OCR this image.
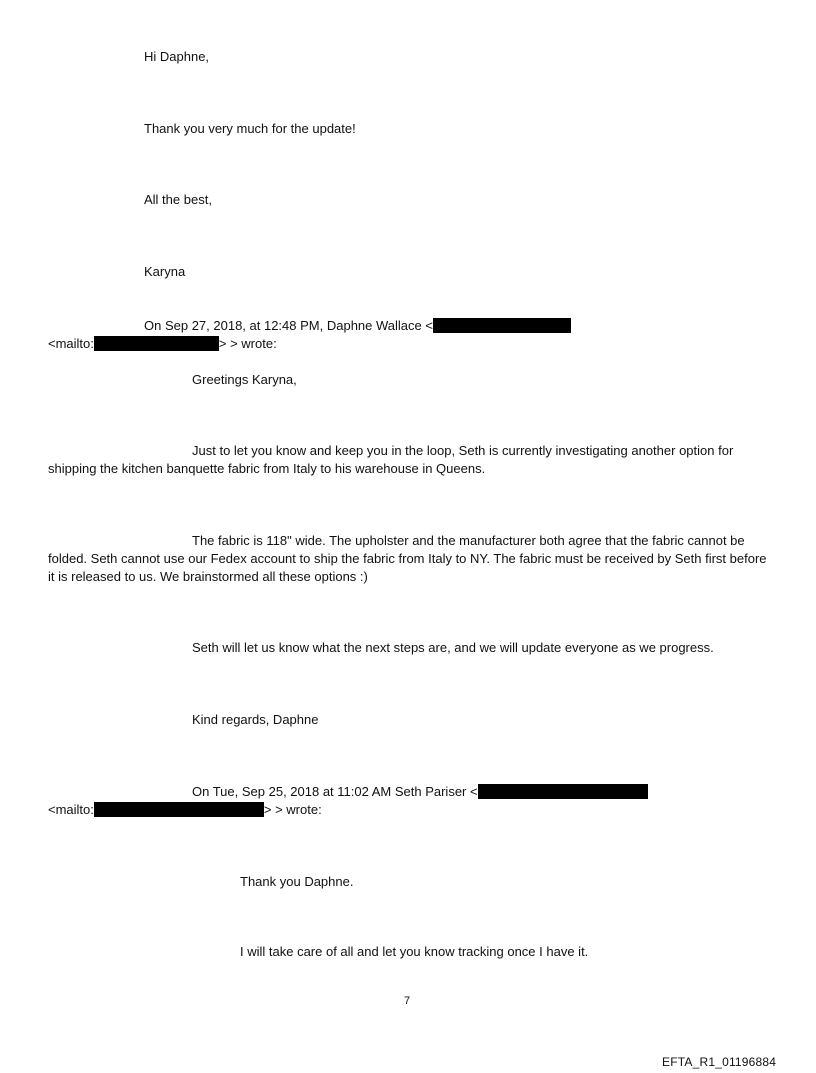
Hi Daphne,
Thank you very much for the update!
All the best,
Karyna
On Sep 27, 2018, at 12:48 PM, Daphne Wallace <
<mailto:	> > wrote:
Greetings Karyna,
Just to let you know and keep you in the loop, Seth is currently investigating another option for shipping the kitchen banquette fabric from Italy to his warehouse in Queens.
The fabric is 118" wide. The upholster and the manufacturer both agree that the fabric cannot be folded. Seth cannot use our Fedex account to ship the fabric from Italy to NY. The fabric must be received by Seth first before it is released to us. We brainstormed all these options :)
Seth will let us know what the next steps are, and we will update everyone as we progress.
Kind regards, Daphne
On Tue, Sep 25, 2018 at 11:02 AM Seth Pariser <
<mailto:	> > wrote:
Thank you Daphne.
I will take care of all and let you know tracking once I have it.
7
EFTA_R1_01196884
